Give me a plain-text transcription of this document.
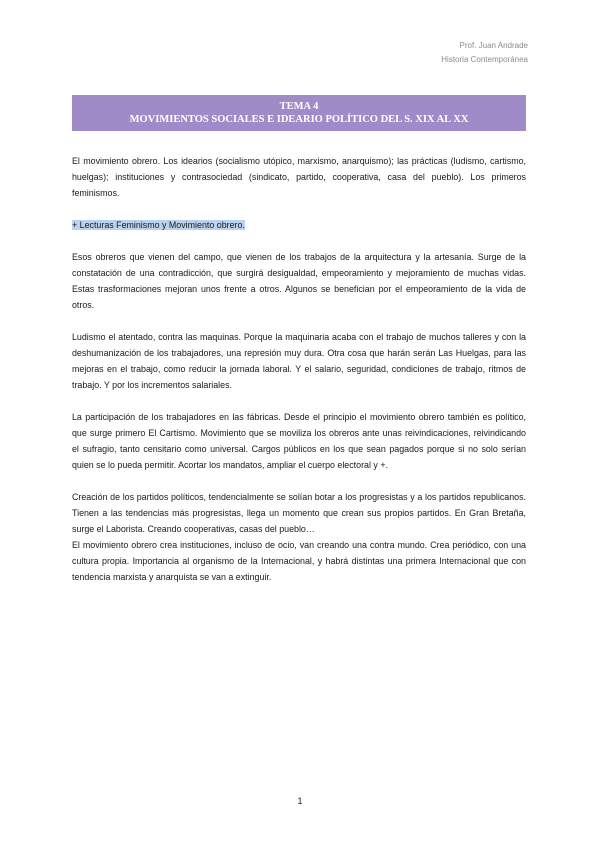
Prof. Juan Andrade
Historia Contemporánea
TEMA 4
MOVIMIENTOS SOCIALES E IDEARIO POLÍTICO DEL S. XIX AL XX

El movimiento obrero. Los idearios (socialismo utópico, marxismo, anarquismo); las prácticas (ludismo, cartismo, huelgas); instituciones y contrasociedad (sindicato, partido, cooperativa, casa del pueblo). Los primeros feminismos.

+ Lecturas Feminismo y Movimiento obrero.

Esos obreros que vienen del campo, que vienen de los trabajos de la arquitectura y la artesanía. Surge de la constatación de una contradicción, que surgirá desigualdad, empeoramiento y mejoramiento de muchas vidas. Estas trasformaciones mejoran unos frente a otros. Algunos se benefician por el empeoramiento de la vida de otros.

Ludismo el atentado, contra las maquinas. Porque la maquinaria acaba con el trabajo de muchos talleres y con la deshumanización de los trabajadores, una represión muy dura. Otra cosa que harán serán Las Huelgas, para las mejoras en el trabajo, como reducir la jornada laboral. Y el salario, seguridad, condiciones de trabajo, ritmos de trabajo. Y por los incrementos salariales.

La participación de los trabajadores en las fábricas. Desde el principio el movimiento obrero también es político, que surge primero El Cartismo. Movimiento que se moviliza los obreros ante unas reivindicaciones, reivindicando el sufragio, tanto censitario como universal. Cargos públicos en los que sean pagados porque si no solo serían quien se lo pueda permitir. Acortar los mandatos, ampliar el cuerpo electoral y +.

Creación de los partidos políticos, tendencialmente se solían botar a los progresistas y a los partidos republicanos. Tienen a las tendencias más progresistas, llega un momento que crean sus propios partidos. En Gran Bretaña, surge el Laborista. Creando cooperativas, casas del pueblo…

El movimiento obrero crea instituciones, incluso de ocio, van creando una contra mundo. Crea periódico, con una cultura propia. Importancia al organismo de la Internacional, y habrá distintas una primera Internacional que con tendencia marxista y anarquista se van a extinguir.

1
